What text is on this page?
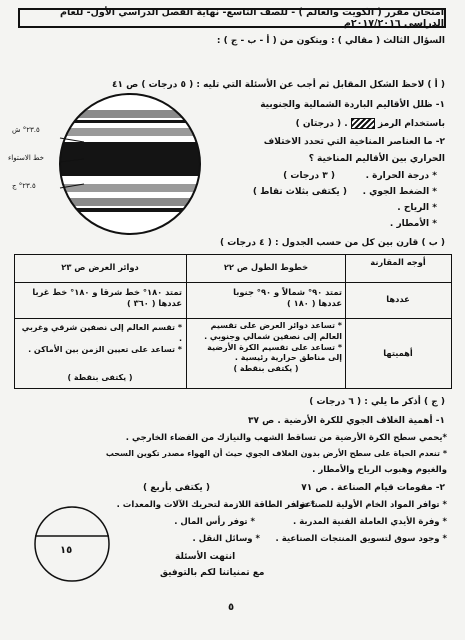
امتحان مقرر ( الكويت والعالم ) - للصف التاسع- نهاية الفصل الدراسي الأول- للعام الدراسي ٢٠١٧/٢٠١٦م
السؤال الثالث ( مقالي ) : ويتكون من ( أ - ب - ج ) :
( أ ) لاحظ الشكل المقابل ثم أجب عن الأسئلة التي تليه : ( ٥ درجات ) ص ٤١
٢٣.٥° ش
خط الاستواء
٢٣.٥° ج
١- ظلل الأقاليم الباردة الشمالية والجنوبية
باستخدام الرمز  . ( درجتان )
٢- ما العناصر المناخية التي تحدد الاختلاف
الحراري بين الأقاليم المناخية ؟
* درجة الحرارة .
( ٣ درجات )
* الضغط الجوي .
( يكتفى بثلاث نقاط )
* الرياح .
* الأمطار .
( ب ) قارن بين كل من حسب الجدول : ( ٤ درجات )
أوجه المقارنة
خطوط الطول ص ٢٢
دوائر العرض ص ٢٣
عددها
تمتد ٩٠° شمالاً و ٩٠° جنوبا
عددها ( ١٨٠ )
تمتد ١٨٠° خط شرقا و ١٨٠° خط غربا
عددها ( ٣٦٠ )
أهميتها
* تساعد دوائر العرض على تقسيم
العالم إلى نصفين شمالي وجنوبي .
* تساعد على تقسيم الكرة الأرضية
إلى مناطق حرارية رئيسية .
( يكتفى بنقطة )
* تقسم العالم إلى نصفين شرقي وغربي .
* تساعد على تعيين الزمن بين الأماكن .
( يكتفى بنقطة )
( ج ) أذكر ما يلي : ( ٦ درجات )
١- أهمية الغلاف الجوي للكرة الأرضية . ص ٣٧
*يحمي سطح الكرة الأرضية من تساقط الشهب والنيازك من الفضاء الخارجي .
* تنعدم الحياة على سطح الأرض بدون الغلاف الجوي حيث أن الهواء مصدر تكوين السحب
والغيوم وهبوب الرياح والأمطار .
٢- مقومات قيام الصناعة . ص ٧١
( يكتفى بأربع )
* توافر المواد الخام الأولية للصناعة .
* توافر الطاقة اللازمة لتحريك الآلات والمعدات .
* وفرة الأيدي العاملة الفنية المدربة .
* توفر رأس المال .
* وجود سوق لتسويق المنتجات الصناعية .
* وسائل النقل .
١٥
انتهت الأسئلة
مع تمنياتنا لكم بالتوفيق
٥
